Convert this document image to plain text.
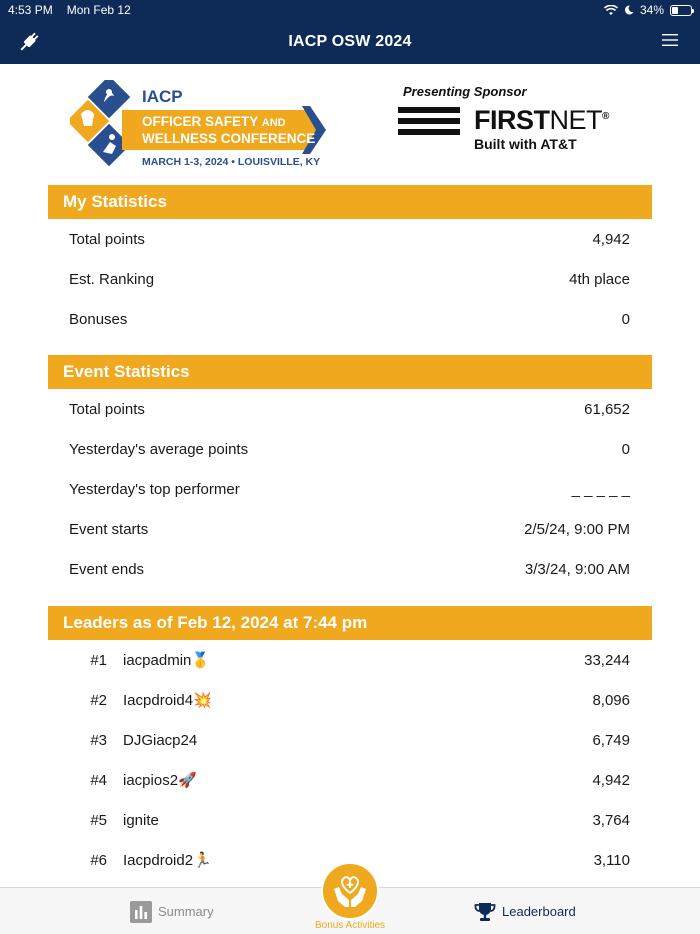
4:53 PM Mon Feb 12	34%
IACP OSW 2024
IACP
OFFICER SAFETY AND
WELLNESS CONFERENCE
MARCH 1-3, 2024 • LOUISVILLE, KY
Presenting Sponsor
FIRSTNET®
Built with AT&T
My Statistics
Total points	4,942
Est. Ranking	4th place
Bonuses	0
Event Statistics
Total points	61,652
Yesterday's average points	0
Yesterday's top performer	_ _ _ _ _
Event starts	2/5/24, 9:00 PM
Event ends	3/3/24, 9:00 AM
Leaders as of Feb 12, 2024 at 7:44 pm
#1	iacpadmin🥇	33,244
#2	Iacpdroid4💥	8,096
#3	DJGiacp24	6,749
#4	iacpios2🚀	4,942
#5	ignite	3,764
#6	Iacpdroid2🏃	3,110
Summary	Leaderboard
Bonus Activities
